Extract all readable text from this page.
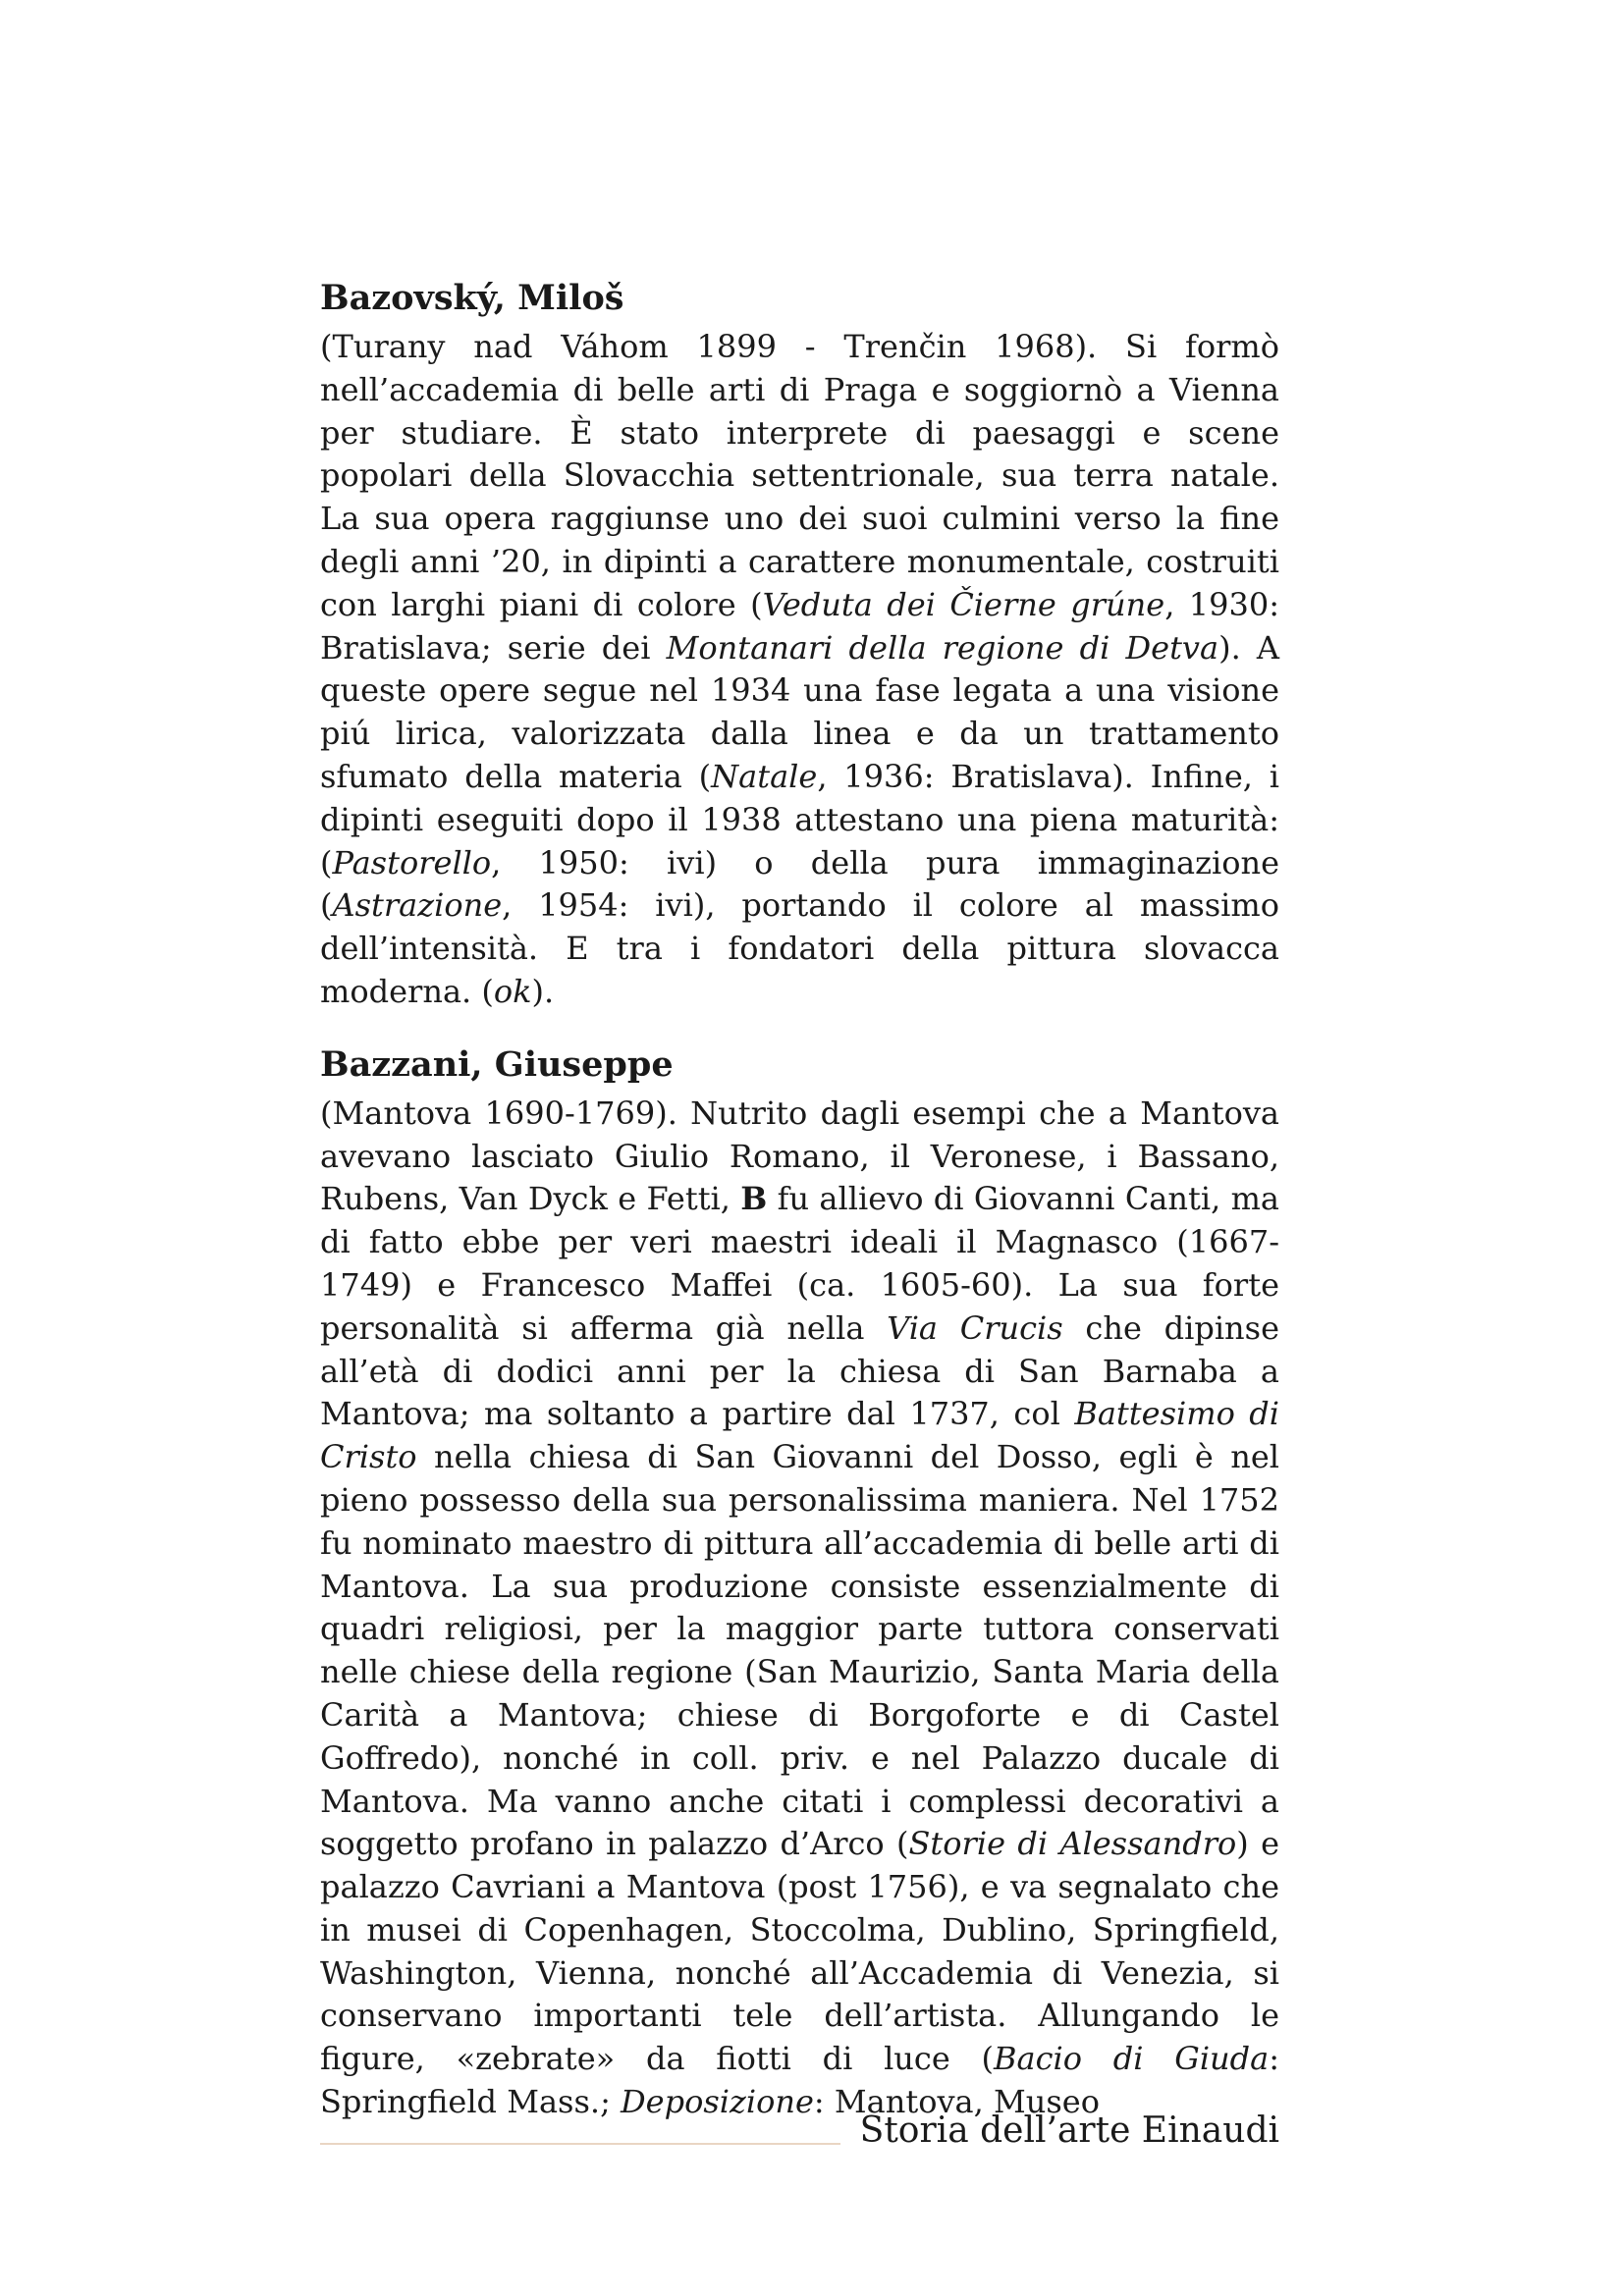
Bazovský, Miloš

(Turany nad Váhom 1899 - Trenčin 1968). Si formò nell’accademia di belle arti di Praga e soggiornò a Vienna per studiare. È stato interprete di paesaggi e scene popolari della Slovacchia settentrionale, sua terra natale. La sua opera raggiunse uno dei suoi culmini verso la fine degli anni ’20, in dipinti a carattere monumentale, costruiti con larghi piani di colore (Veduta dei Čierne grúne, 1930: Bratislava; serie dei Montanari della regione di Detva). A queste opere segue nel 1934 una fase legata a una visione piú lirica, valorizzata dalla linea e da un trattamento sfumato della materia (Natale, 1936: Bratislava). Infine, i dipinti eseguiti dopo il 1938 attestano una piena maturità: (Pastorello, 1950: ivi) o della pura immaginazione (Astrazione, 1954: ivi), portando il colore al massimo dell’intensità. E tra i fondatori della pittura slovacca moderna. (ok).

Bazzani, Giuseppe

(Mantova 1690-1769). Nutrito dagli esempi che a Mantova avevano lasciato Giulio Romano, il Veronese, i Bassano, Rubens, Van Dyck e Fetti, B fu allievo di Giovanni Canti, ma di fatto ebbe per veri maestri ideali il Magnasco (1667-1749) e Francesco Maffei (ca. 1605-60). La sua forte personalità si afferma già nella Via Crucis che dipinse all’età di dodici anni per la chiesa di San Barnaba a Mantova; ma soltanto a partire dal 1737, col Battesimo di Cristo nella chiesa di San Giovanni del Dosso, egli è nel pieno possesso della sua personalissima maniera. Nel 1752 fu nominato maestro di pittura all’accademia di belle arti di Mantova. La sua produzione consiste essenzialmente di quadri religiosi, per la maggior parte tuttora conservati nelle chiese della regione (San Maurizio, Santa Maria della Carità a Mantova; chiese di Borgoforte e di Castel Goffredo), nonché in coll. priv. e nel Palazzo ducale di Mantova. Ma vanno anche citati i complessi decorativi a soggetto profano in palazzo d’Arco (Storie di Alessandro) e palazzo Cavriani a Mantova (post 1756), e va segnalato che in musei di Copenhagen, Stoccolma, Dublino, Springfield, Washington, Vienna, nonché all’Accademia di Venezia, si conservano importanti tele dell’artista. Allungando le figure, «zebrate» da fiotti di luce (Bacio di Giuda: Springfield Mass.; Deposizione: Mantova, Museo

Storia dell’arte Einaudi
